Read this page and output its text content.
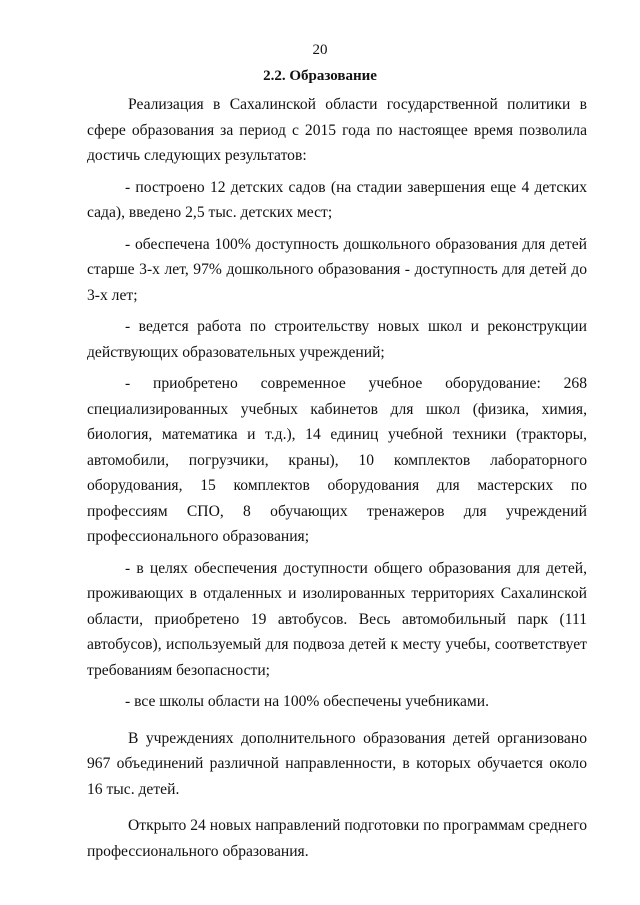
20
2.2. Образование

Реализация в Сахалинской области государственной политики в сфере образования за период с 2015 года по настоящее время позволила достичь следующих результатов:

- построено 12 детских садов (на стадии завершения еще 4 детских сада), введено 2,5 тыс. детских мест;

- обеспечена 100% доступность дошкольного образования для детей старше 3-х лет, 97% дошкольного образования - доступность для детей до 3-х лет;

- ведется работа по строительству новых школ и реконструкции действующих образовательных учреждений;

- приобретено современное учебное оборудование: 268 специализированных учебных кабинетов для школ (физика, химия, биология, математика и т.д.), 14 единиц учебной техники (тракторы, автомобили, погрузчики, краны), 10 комплектов лабораторного оборудования, 15 комплектов оборудования для мастерских по профессиям СПО, 8 обучающих тренажеров для учреждений профессионального образования;

- в целях обеспечения доступности общего образования для детей, проживающих в отдаленных и изолированных территориях Сахалинской области, приобретено 19 автобусов. Весь автомобильный парк (111 автобусов), используемый для подвоза детей к месту учебы, соответствует требованиям безопасности;

- все школы области на 100% обеспечены учебниками.

В учреждениях дополнительного образования детей организовано 967 объединений различной направленности, в которых обучается около 16 тыс. детей.

Открыто 24 новых направлений подготовки по программам среднего профессионального образования.
